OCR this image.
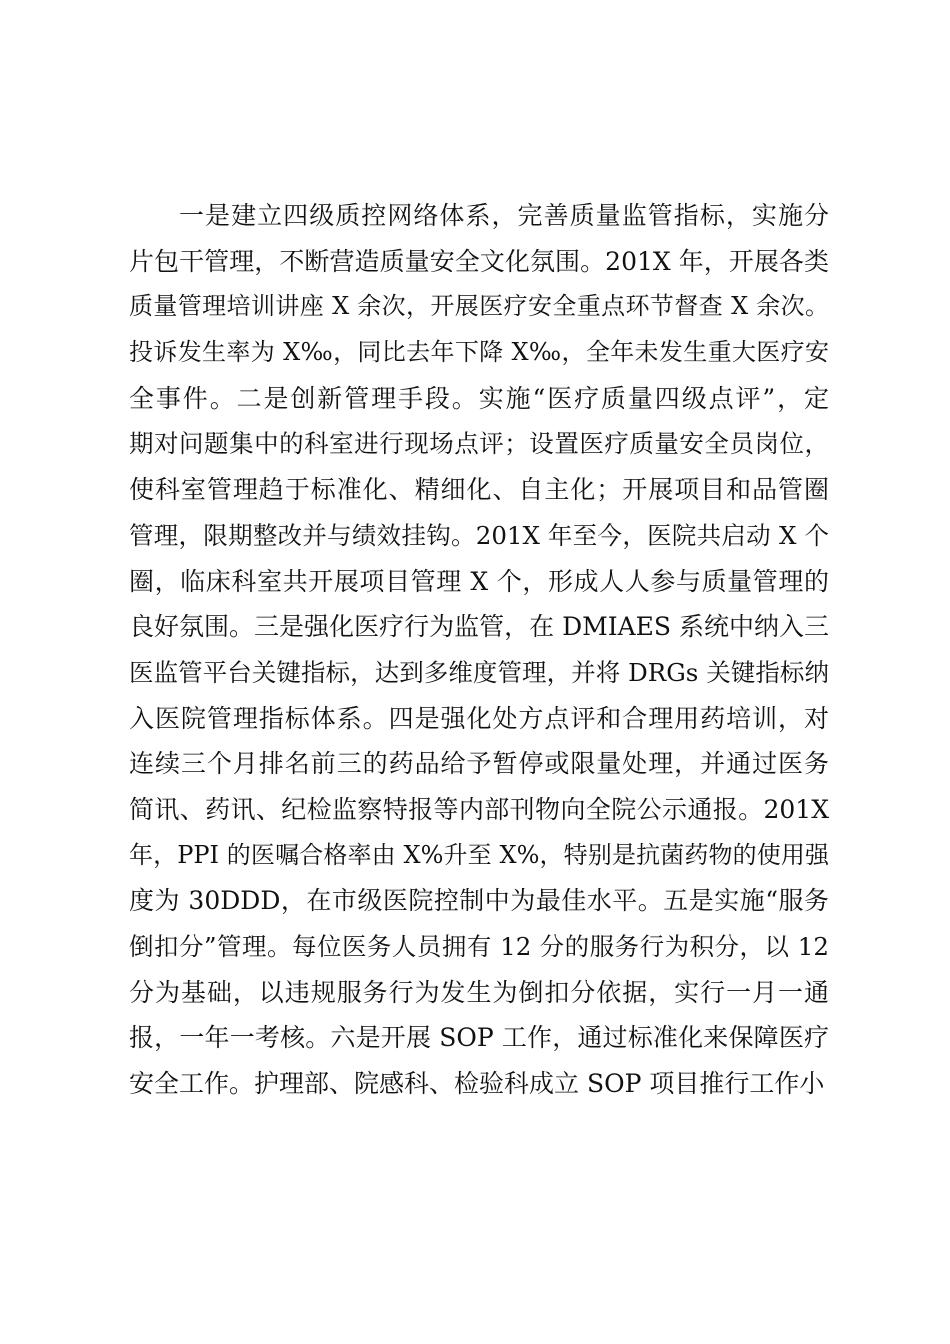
一是建立四级质控网络体系，完善质量监管指标，实施分
片包干管理，不断营造质量安全文化氛围。201X 年，开展各类
质量管理培训讲座 X 余次，开展医疗安全重点环节督查 X 余次。
投诉发生率为 X‰，同比去年下降 X‰，全年未发生重大医疗安
全事件。二是创新管理手段。实施“医疗质量四级点评”，定
期对问题集中的科室进行现场点评；设置医疗质量安全员岗位，
使科室管理趋于标准化、精细化、自主化；开展项目和品管圈
管理，限期整改并与绩效挂钩。201X 年至今，医院共启动 X 个
圈，临床科室共开展项目管理 X 个，形成人人参与质量管理的
良好氛围。三是强化医疗行为监管，在 DMIAES 系统中纳入三
医监管平台关键指标，达到多维度管理，并将 DRGs 关键指标纳
入医院管理指标体系。四是强化处方点评和合理用药培训，对
连续三个月排名前三的药品给予暂停或限量处理，并通过医务
简讯、药讯、纪检监察特报等内部刊物向全院公示通报。201X
年，PPI 的医嘱合格率由 X%升至 X%，特别是抗菌药物的使用强
度为 30DDD，在市级医院控制中为最佳水平。五是实施“服务
倒扣分”管理。每位医务人员拥有 12 分的服务行为积分，以 12
分为基础，以违规服务行为发生为倒扣分依据，实行一月一通
报，一年一考核。六是开展 SOP 工作，通过标准化来保障医疗
安全工作。护理部、院感科、检验科成立 SOP 项目推行工作小
